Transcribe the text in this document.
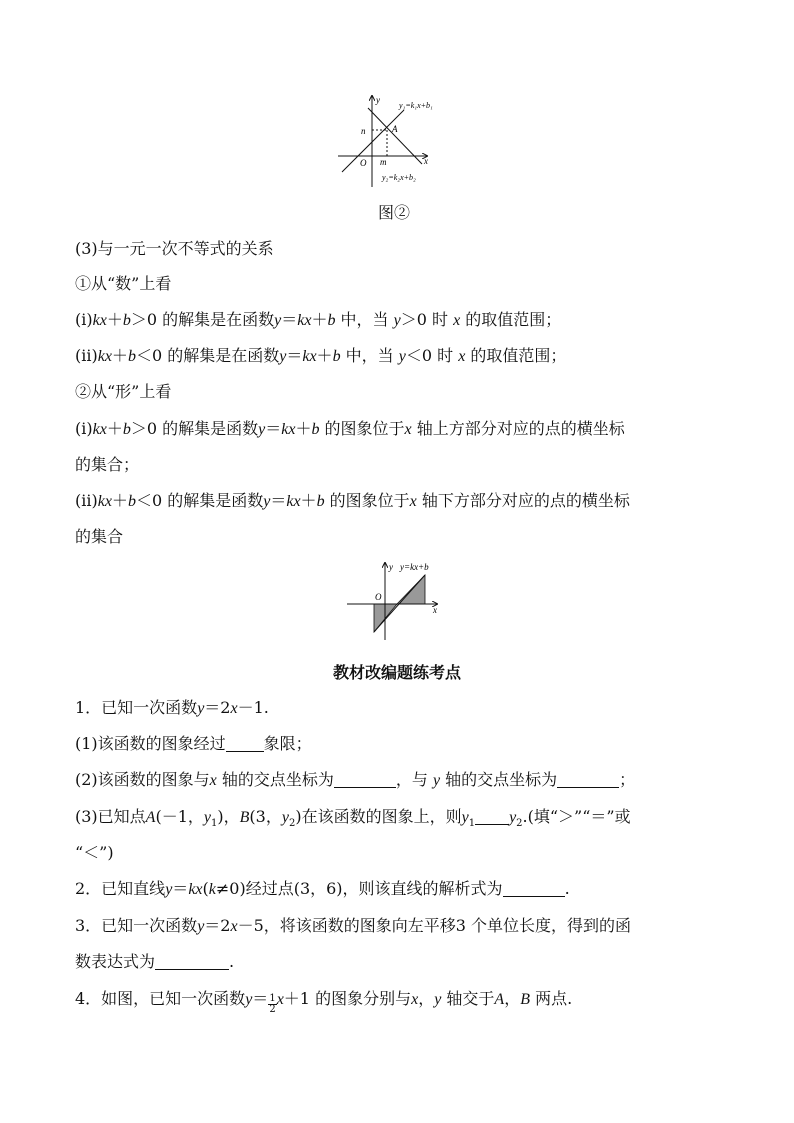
y
x
y₁=k₁x+b₁
y₂=k₂x+b₂
n	A
O m
图②
(3)与一元一次不等式的关系
①从“数”上看
(ⅰ)kx＋b＞0 的解集是在函数y＝kx＋b 中，当 y＞0 时 x 的取值范围；
(ⅱ)kx＋b＜0 的解集是在函数y＝kx＋b 中，当 y＜0 时 x 的取值范围；
②从“形”上看
(ⅰ)kx＋b＞0 的解集是函数y＝kx＋b 的图象位于x 轴上方部分对应的点的横坐标
的集合；
(ⅱ)kx＋b＜0 的解集是函数y＝kx＋b 的图象位于x 轴下方部分对应的点的横坐标
的集合
y y=kx+b
O
x
教材改编题练考点
1．已知一次函数y＝2x－1.
(1)该函数的图象经过 象限；
(2)该函数的图象与x 轴的交点坐标为	，与 y 轴的交点坐标为	；
(3)已知点A(－1，$y_1$)，B(3，$y_2$)在该函数的图象上，则$y_1$ $y_2$.(填“＞”“＝”或
“＜”)
2．已知直线y＝kx(k≠0)经过点(3，6)，则该直线的解析式为	.
3．已知一次函数y＝2x－5，将该函数的图象向左平移3 个单位长度，得到的函
数表达式为	.
4．如图，已知一次函数$y= \frac{1}{2} x+1$ 的图象分别与x，y 轴交于A，B 两点.
